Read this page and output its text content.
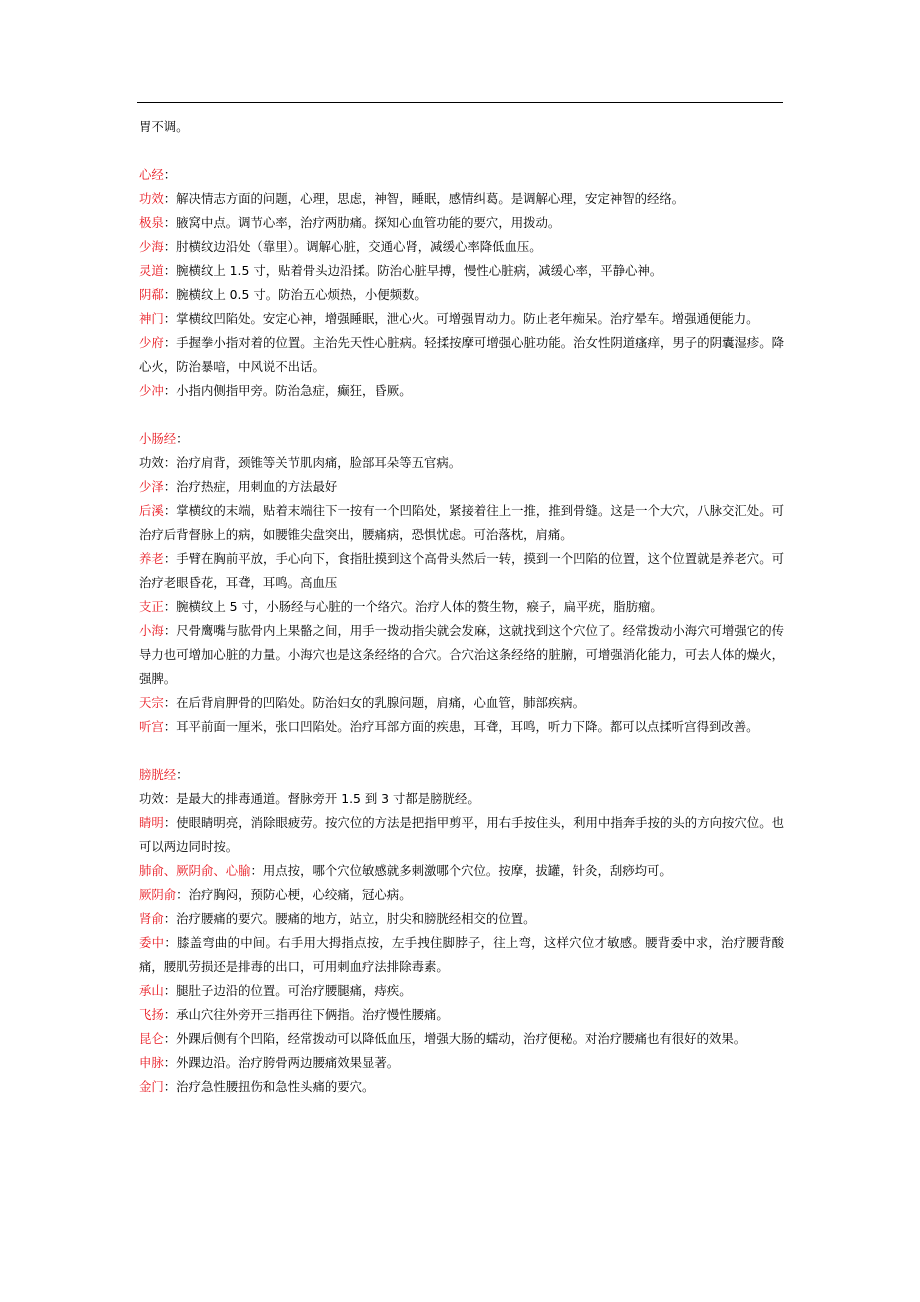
胃不调。

心经：

功效：解决情志方面的问题，心理，思虑，神智，睡眠，感情纠葛。是调解心理，安定神智的经络。

极泉：腋窝中点。调节心率，治疗两肋痛。探知心血管功能的要穴，用拨动。

少海：肘横纹边沿处（靠里）。调解心脏，交通心肾，减缓心率降低血压。

灵道：腕横纹上 1.5 寸，贴着骨头边沿揉。防治心脏早搏，慢性心脏病，减缓心率，平静心神。

阴郗：腕横纹上 0.5 寸。防治五心烦热，小便频数。

神门：掌横纹凹陷处。安定心神，增强睡眠，泄心火。可增强胃动力。防止老年痴呆。治疗晕车。增强通便能力。

少府：手握拳小指对着的位置。主治先天性心脏病。轻揉按摩可增强心脏功能。治女性阴道瘙痒，男子的阴囊湿疹。降心火，防治暴喑，中风说不出话。

少冲：小指内侧指甲旁。防治急症，癫狂，昏厥。

小肠经：

功效：治疗肩背，颈锥等关节肌肉痛，脸部耳朵等五官病。

少泽：治疗热症，用刺血的方法最好

后溪：掌横纹的末端，贴着末端往下一按有一个凹陷处，紧接着往上一推，推到骨缝。这是一个大穴，八脉交汇处。可治疗后背督脉上的病，如腰锥尖盘突出，腰痛病，恐惧忧虑。可治落枕，肩痛。

养老：手臂在胸前平放，手心向下，食指肚摸到这个高骨头然后一转，摸到一个凹陷的位置，这个位置就是养老穴。可治疗老眼昏花，耳聋，耳鸣。高血压

支正：腕横纹上 5 寸，小肠经与心脏的一个络穴。治疗人体的赘生物，瘊子，扁平疣，脂肪瘤。

小海：尺骨鹰嘴与肱骨内上果骼之间，用手一拨动指尖就会发麻，这就找到这个穴位了。经常拨动小海穴可增强它的传导力也可增加心脏的力量。小海穴也是这条经络的合穴。合穴治这条经络的脏腑，可增强消化能力，可去人体的燥火，强脾。

天宗：在后背肩胛骨的凹陷处。防治妇女的乳腺问题，肩痛，心血管，肺部疾病。

听宫：耳平前面一厘米，张口凹陷处。治疗耳部方面的疾患，耳聋，耳鸣，听力下降。都可以点揉听宫得到改善。

膀胱经：

功效：是最大的排毒通道。督脉旁开 1.5 到 3 寸都是膀胱经。

睛明：使眼睛明亮，消除眼疲劳。按穴位的方法是把指甲剪平，用右手按住头，利用中指奔手按的头的方向按穴位。也可以两边同时按。

肺俞、厥阴俞、心腧：用点按，哪个穴位敏感就多刺激哪个穴位。按摩，拔罐，针灸，刮痧均可。

厥阴俞：治疗胸闷，预防心梗，心绞痛，冠心病。

肾俞：治疗腰痛的要穴。腰痛的地方，站立，肘尖和膀胱经相交的位置。

委中：膝盖弯曲的中间。右手用大拇指点按，左手拽住脚脖子，往上弯，这样穴位才敏感。腰背委中求，治疗腰背酸痛，腰肌劳损还是排毒的出口，可用刺血疗法排除毒素。

承山：腿肚子边沿的位置。可治疗腰腿痛，痔疾。

飞扬：承山穴往外旁开三指再往下俩指。治疗慢性腰痛。

昆仑：外踝后侧有个凹陷，经常拨动可以降低血压，增强大肠的蠕动，治疗便秘。对治疗腰痛也有很好的效果。

申脉：外踝边沿。治疗胯骨两边腰痛效果显著。

金门：治疗急性腰扭伤和急性头痛的要穴。
